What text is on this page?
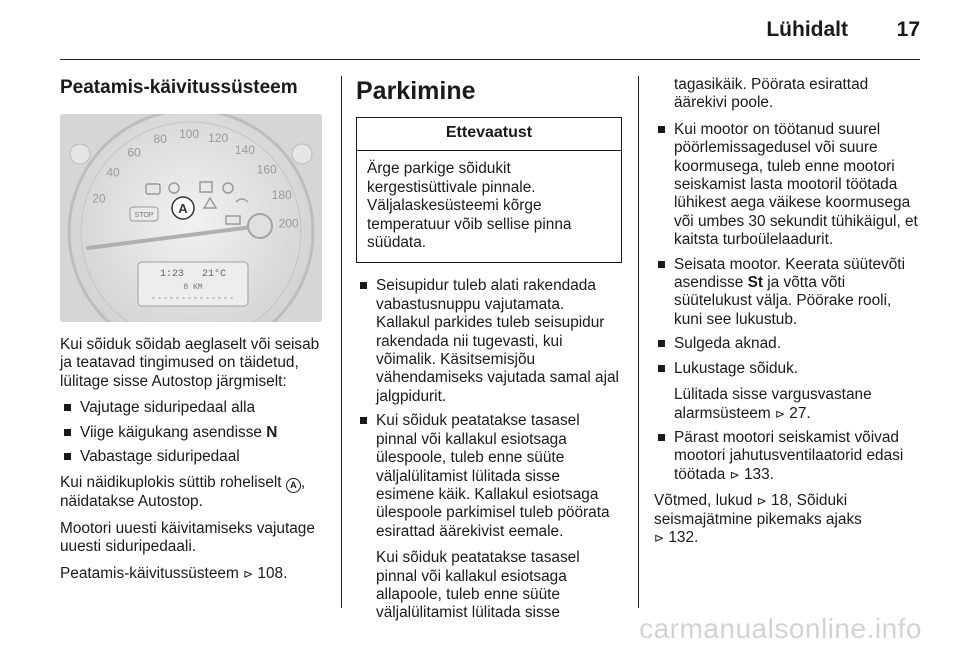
Lühidalt 17
Peatamis-käivitussüsteem
20
40
60
80 100 120
140
160
180
200
A
STOP
1:23 21°C
8 KM

Kui sõiduk sõidab aeglaselt või seisab ja teatavad tingimused on täidetud, lülitage sisse Autostop järgmiselt:

Vajutage siduripedaal alla
Viige käigukang asendisse N
Vabastage siduripedaal

Kui näidikuplokis süttib roheliselt A , näidatakse Autostop.

Mootori uuesti käivitamiseks vajutage uuesti siduripedaali.

Peatamis-käivitussüsteem ⊳ 108.

Parkimine
Ettevaatust
Ärge parkige sõidukit kergestisüttivale pinnale. Väljalaskesüsteemi kõrge temperatuur võib sellise pinna süüdata.
Seisupidur tuleb alati rakendada vabastusnuppu vajutamata. Kallakul parkides tuleb seisupidur rakendada nii tugevasti, kui võimalik. Käsitsemisjõu vähendamiseks vajutada samal ajal jalgpidurit.
Kui sõiduk peatatakse tasasel pinnal või kallakul esiotsaga ülespoole, tuleb enne süüte väljalülitamist lülitada sisse esimene käik. Kallakul esiotsaga ülespoole parkimisel tuleb pöörata esirattad äärekivist eemale.
Kui sõiduk peatatakse tasasel pinnal või kallakul esiotsaga allapoole, tuleb enne süüte väljalülitamist lülitada sisse

tagasikäik. Pöörata esirattad äärekivi poole.

Kui mootor on töötanud suurel pöörlemissagedusel või suure koormusega, tuleb enne mootori seiskamist lasta mootoril töötada lühikest aega väikese koormusega või umbes 30 sekundit tühikäigul, et kaitsta turboülelaadurit.
Seisata mootor. Keerata süütevõti asendisse St ja võtta võti süütelukust välja. Pöörake rooli, kuni see lukustub.
Sulgeda aknad.
Lukustage sõiduk.
Lülitada sisse vargusvastane alarmsüsteem ⊳ 27.
Pärast mootori seiskamist võivad mootori jahutusventilaatorid edasi töötada ⊳ 133.

Võtmed, lukud ⊳ 18, Sõiduki seismajätmine pikemaks ajaks
⊳ 132.

carmanualsonline.info
